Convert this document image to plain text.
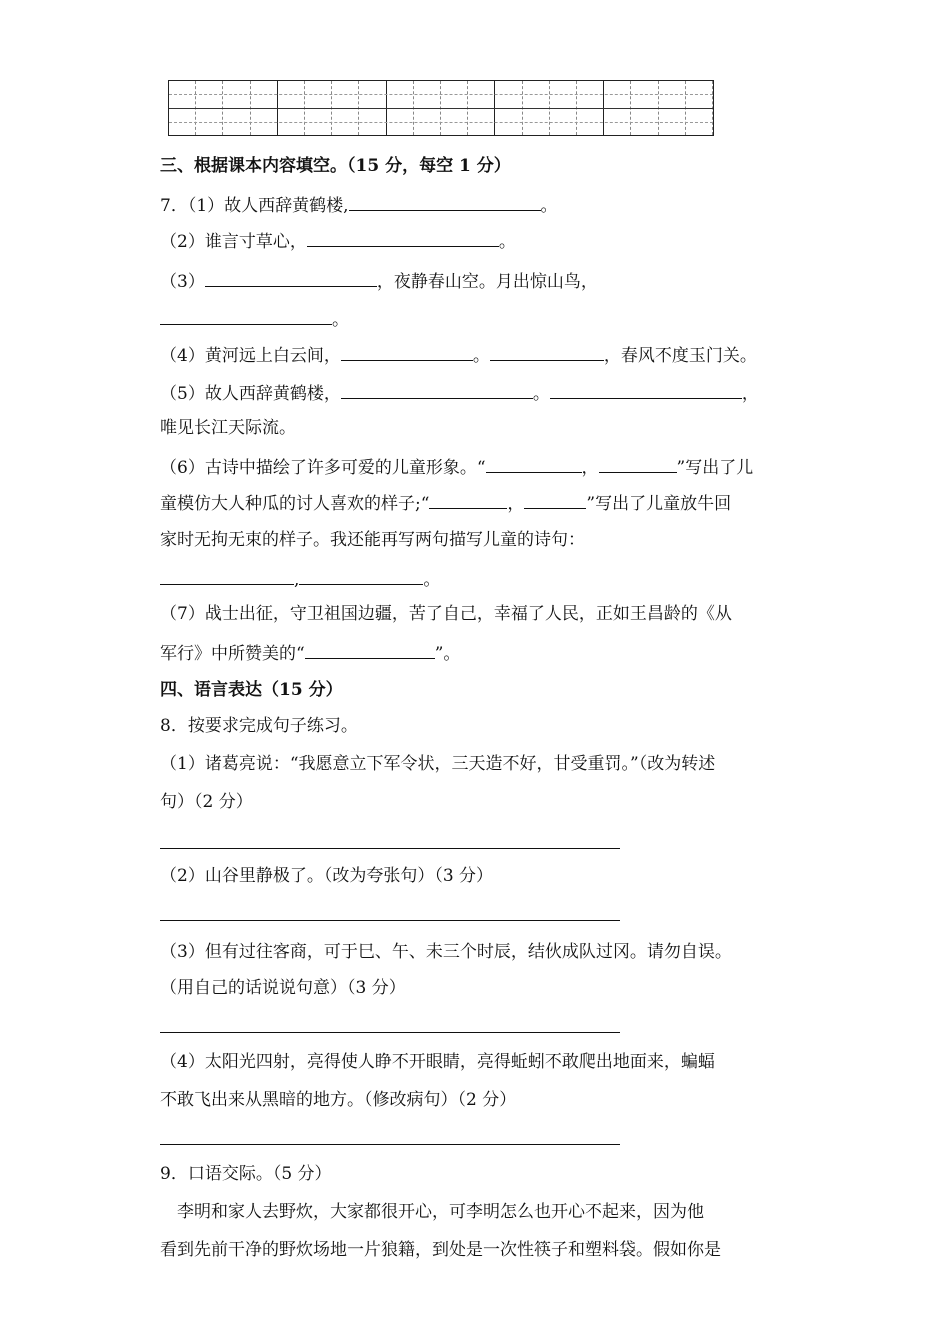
三、根据课本内容填空。（15 分，每空 1 分）
7．（1）故人西辞黄鹤楼,	。
（2）谁言寸草心，	。
（3）	，夜静春山空。月出惊山鸟，
。
（4）黄河远上白云间，	。	，春风不度玉门关。
（5）故人西辞黄鹤楼，	。	，
唯见长江天际流。
（6）古诗中描绘了许多可爱的儿童形象。“	，	”写出了儿
童模仿大人种瓜的讨人喜欢的样子;“	，	”写出了儿童放牛回
家时无拘无束的样子。我还能再写两句描写儿童的诗句：
,	。
（7）战士出征，守卫祖国边疆，苦了自己，幸福了人民，正如王昌龄的《从
军行》中所赞美的“	”。
四、语言表达（15 分）
8．按要求完成句子练习。
（1）诸葛亮说：“我愿意立下军令状，三天造不好，甘受重罚。”（改为转述
句）（2 分）
（2）山谷里静极了。（改为夸张句）（3 分）
（3）但有过往客商，可于巳、午、未三个时辰，结伙成队过冈。请勿自误。
（用自己的话说说句意）（3 分）
（4）太阳光四射，亮得使人睁不开眼睛，亮得蚯蚓不敢爬出地面来，蝙蝠
不敢飞出来从黑暗的地方。（修改病句）（2 分）
9．口语交际。（5 分）
　李明和家人去野炊，大家都很开心，可李明怎么也开心不起来，因为他
看到先前干净的野炊场地一片狼籍，到处是一次性筷子和塑料袋。假如你是
